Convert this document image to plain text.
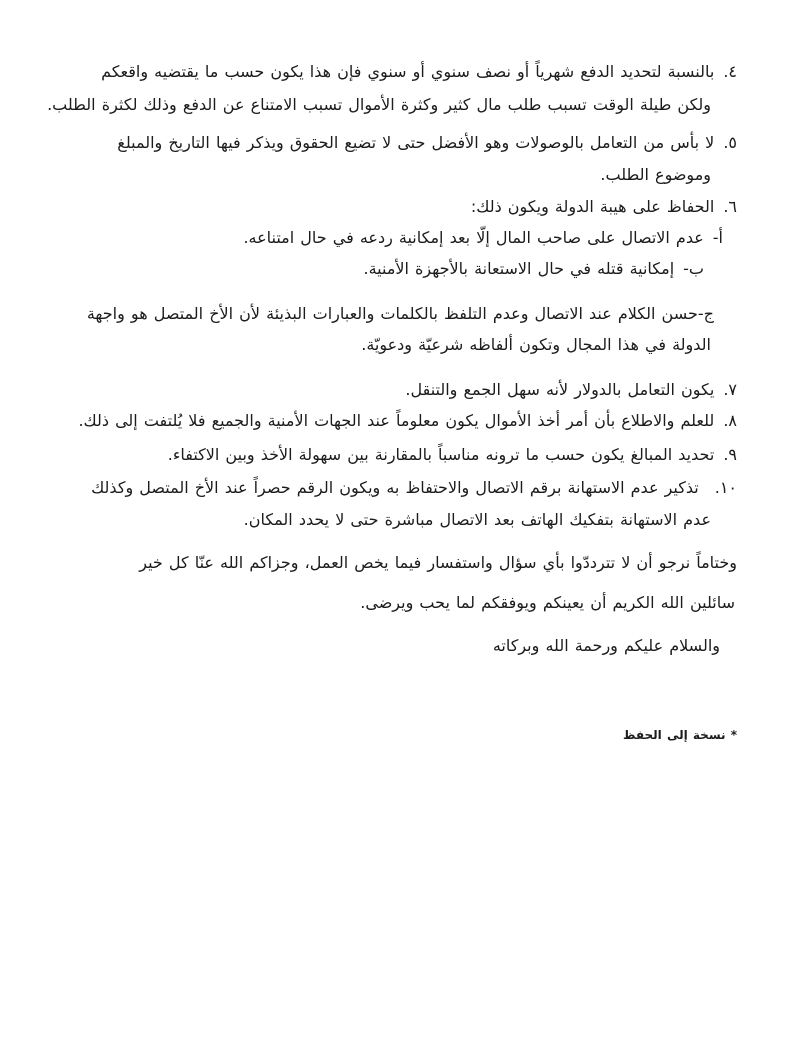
٤.بالنسبة لتحديد الدفع شهرياً أو نصف سنوي أو سنوي فإن هذا يكون حسب ما يقتضيه واقعكم
ولكن طيلة الوقت تسبب طلب مال كثير وكثرة الأموال تسبب الامتناع عن الدفع وذلك لكثرة الطلب.
٥.لا بأس من التعامل بالوصولات وهو الأفضل حتى لا تضيع الحقوق ويذكر فيها التاريخ والمبلغ
وموضوع الطلب.
٦.الحفاظ على هيبة الدولة ويكون ذلك:
أ-عدم الاتصال على صاحب المال إلّا بعد إمكانية ردعه في حال امتناعه.
ب-إمكانية قتله في حال الاستعانة بالأجهزة الأمنية.
ج-حسن الكلام عند الاتصال وعدم التلفظ بالكلمات والعبارات البذيئة لأن الأخ المتصل هو واجهة
الدولة في هذا المجال وتكون ألفاظه شرعيّة ودعويّة.
٧.يكون التعامل بالدولار لأنه سهل الجمع والتنقل.
٨.للعلم والاطلاع بأن أمر أخذ الأموال يكون معلوماً عند الجهات الأمنية والجميع فلا يُلتفت إلى ذلك.
٩.تحديد المبالغ يكون حسب ما ترونه مناسباً بالمقارنة بين سهولة الأخذ وبين الاكتفاء.
١٠.تذكير عدم الاستهانة برقم الاتصال والاحتفاظ به ويكون الرقم حصراً عند الأخ المتصل وكذلك
عدم الاستهانة بتفكيك الهاتف بعد الاتصال مباشرة حتى لا يحدد المكان.
وختاماً نرجو أن لا تترددّوا بأي سؤال واستفسار فيما يخص العمل، وجزاكم الله عنّا كل خير
سائلين الله الكريم أن يعينكم ويوفقكم لما يحب ويرضى.
والسلام عليكم ورحمة الله وبركاته
* نسخة إلى الحفظ
